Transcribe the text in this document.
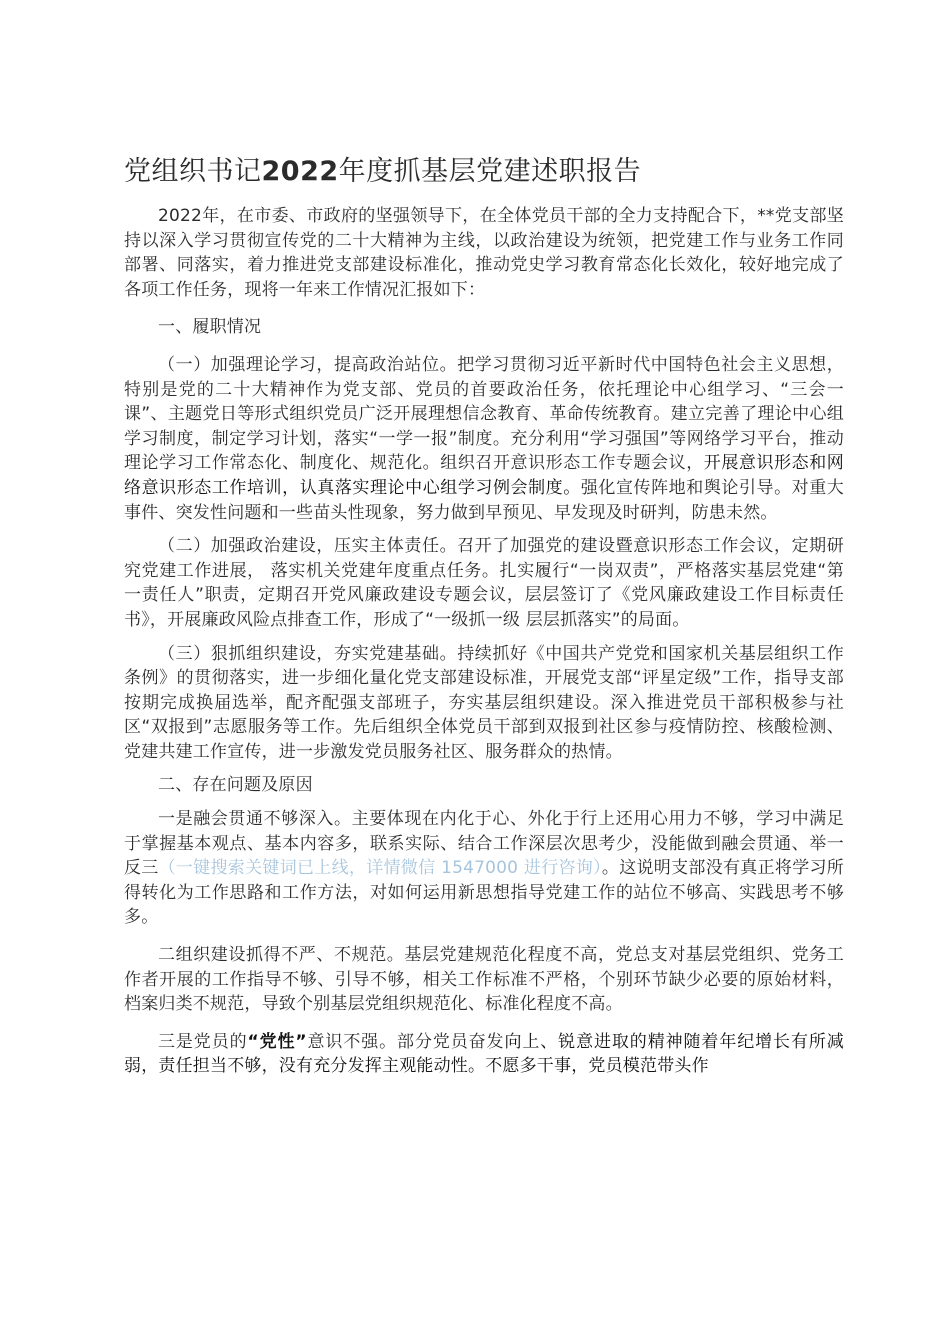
党组织书记2022年度抓基层党建述职报告

2022年，在市委、市政府的坚强领导下，在全体党员干部的全力支持配合下，**党支部坚持以深入学习贯彻宣传党的二十大精神为主线，以政治建设为统领，把党建工作与业务工作同部署、同落实，着力推进党支部建设标准化，推动党史学习教育常态化长效化，较好地完成了各项工作任务，现将一年来工作情况汇报如下：

一、履职情况

（一）加强理论学习，提高政治站位。把学习贯彻习近平新时代中国特色社会主义思想，特别是党的二十大精神作为党支部、党员的首要政治任务，依托理论中心组学习、“三会一课”、主题党日等形式组织党员广泛开展理想信念教育、革命传统教育。建立完善了理论中心组学习制度，制定学习计划，落实“一学一报”制度。充分利用“学习强国”等网络学习平台，推动理论学习工作常态化、制度化、规范化。组织召开意识形态工作专题会议，开展意识形态和网络意识形态工作培训，认真落实理论中心组学习例会制度。强化宣传阵地和舆论引导。对重大事件、突发性问题和一些苗头性现象，努力做到早预见、早发现及时研判，防患未然。

（二）加强政治建设，压实主体责任。召开了加强党的建设暨意识形态工作会议，定期研究党建工作进展， 落实机关党建年度重点任务。扎实履行“一岗双责”，严格落实基层党建“第一责任人”职责，定期召开党风廉政建设专题会议，层层签订了《党风廉政建设工作目标责任书》，开展廉政风险点排查工作，形成了“一级抓一级 层层抓落实”的局面。

（三）狠抓组织建设，夯实党建基础。持续抓好《中国共产党党和国家机关基层组织工作条例》的贯彻落实，进一步细化量化党支部建设标准，开展党支部“评星定级”工作，指导支部按期完成换届选举，配齐配强支部班子，夯实基层组织建设。深入推进党员干部积极参与社区“双报到”志愿服务等工作。先后组织全体党员干部到双报到社区参与疫情防控、核酸检测、党建共建工作宣传，进一步激发党员服务社区、服务群众的热情。

二、存在问题及原因

一是融会贯通不够深入。主要体现在内化于心、外化于行上还用心用力不够，学习中满足于掌握基本观点、基本内容多，联系实际、结合工作深层次思考少，没能做到融会贯通、举一反三（一键搜索关键词已上线，详情微信 1547000 进行咨询）。这说明支部没有真正将学习所得转化为工作思路和工作方法，对如何运用新思想指导党建工作的站位不够高、实践思考不够多。

二组织建设抓得不严、不规范。基层党建规范化程度不高，党总支对基层党组织、党务工作者开展的工作指导不够、引导不够，相关工作标准不严格，个别环节缺少必要的原始材料，档案归类不规范，导致个别基层党组织规范化、标准化程度不高。

三是党员的“党性”意识不强。部分党员奋发向上、锐意进取的精神随着年纪增长有所减弱，责任担当不够，没有充分发挥主观能动性。不愿多干事，党员模范带头作
